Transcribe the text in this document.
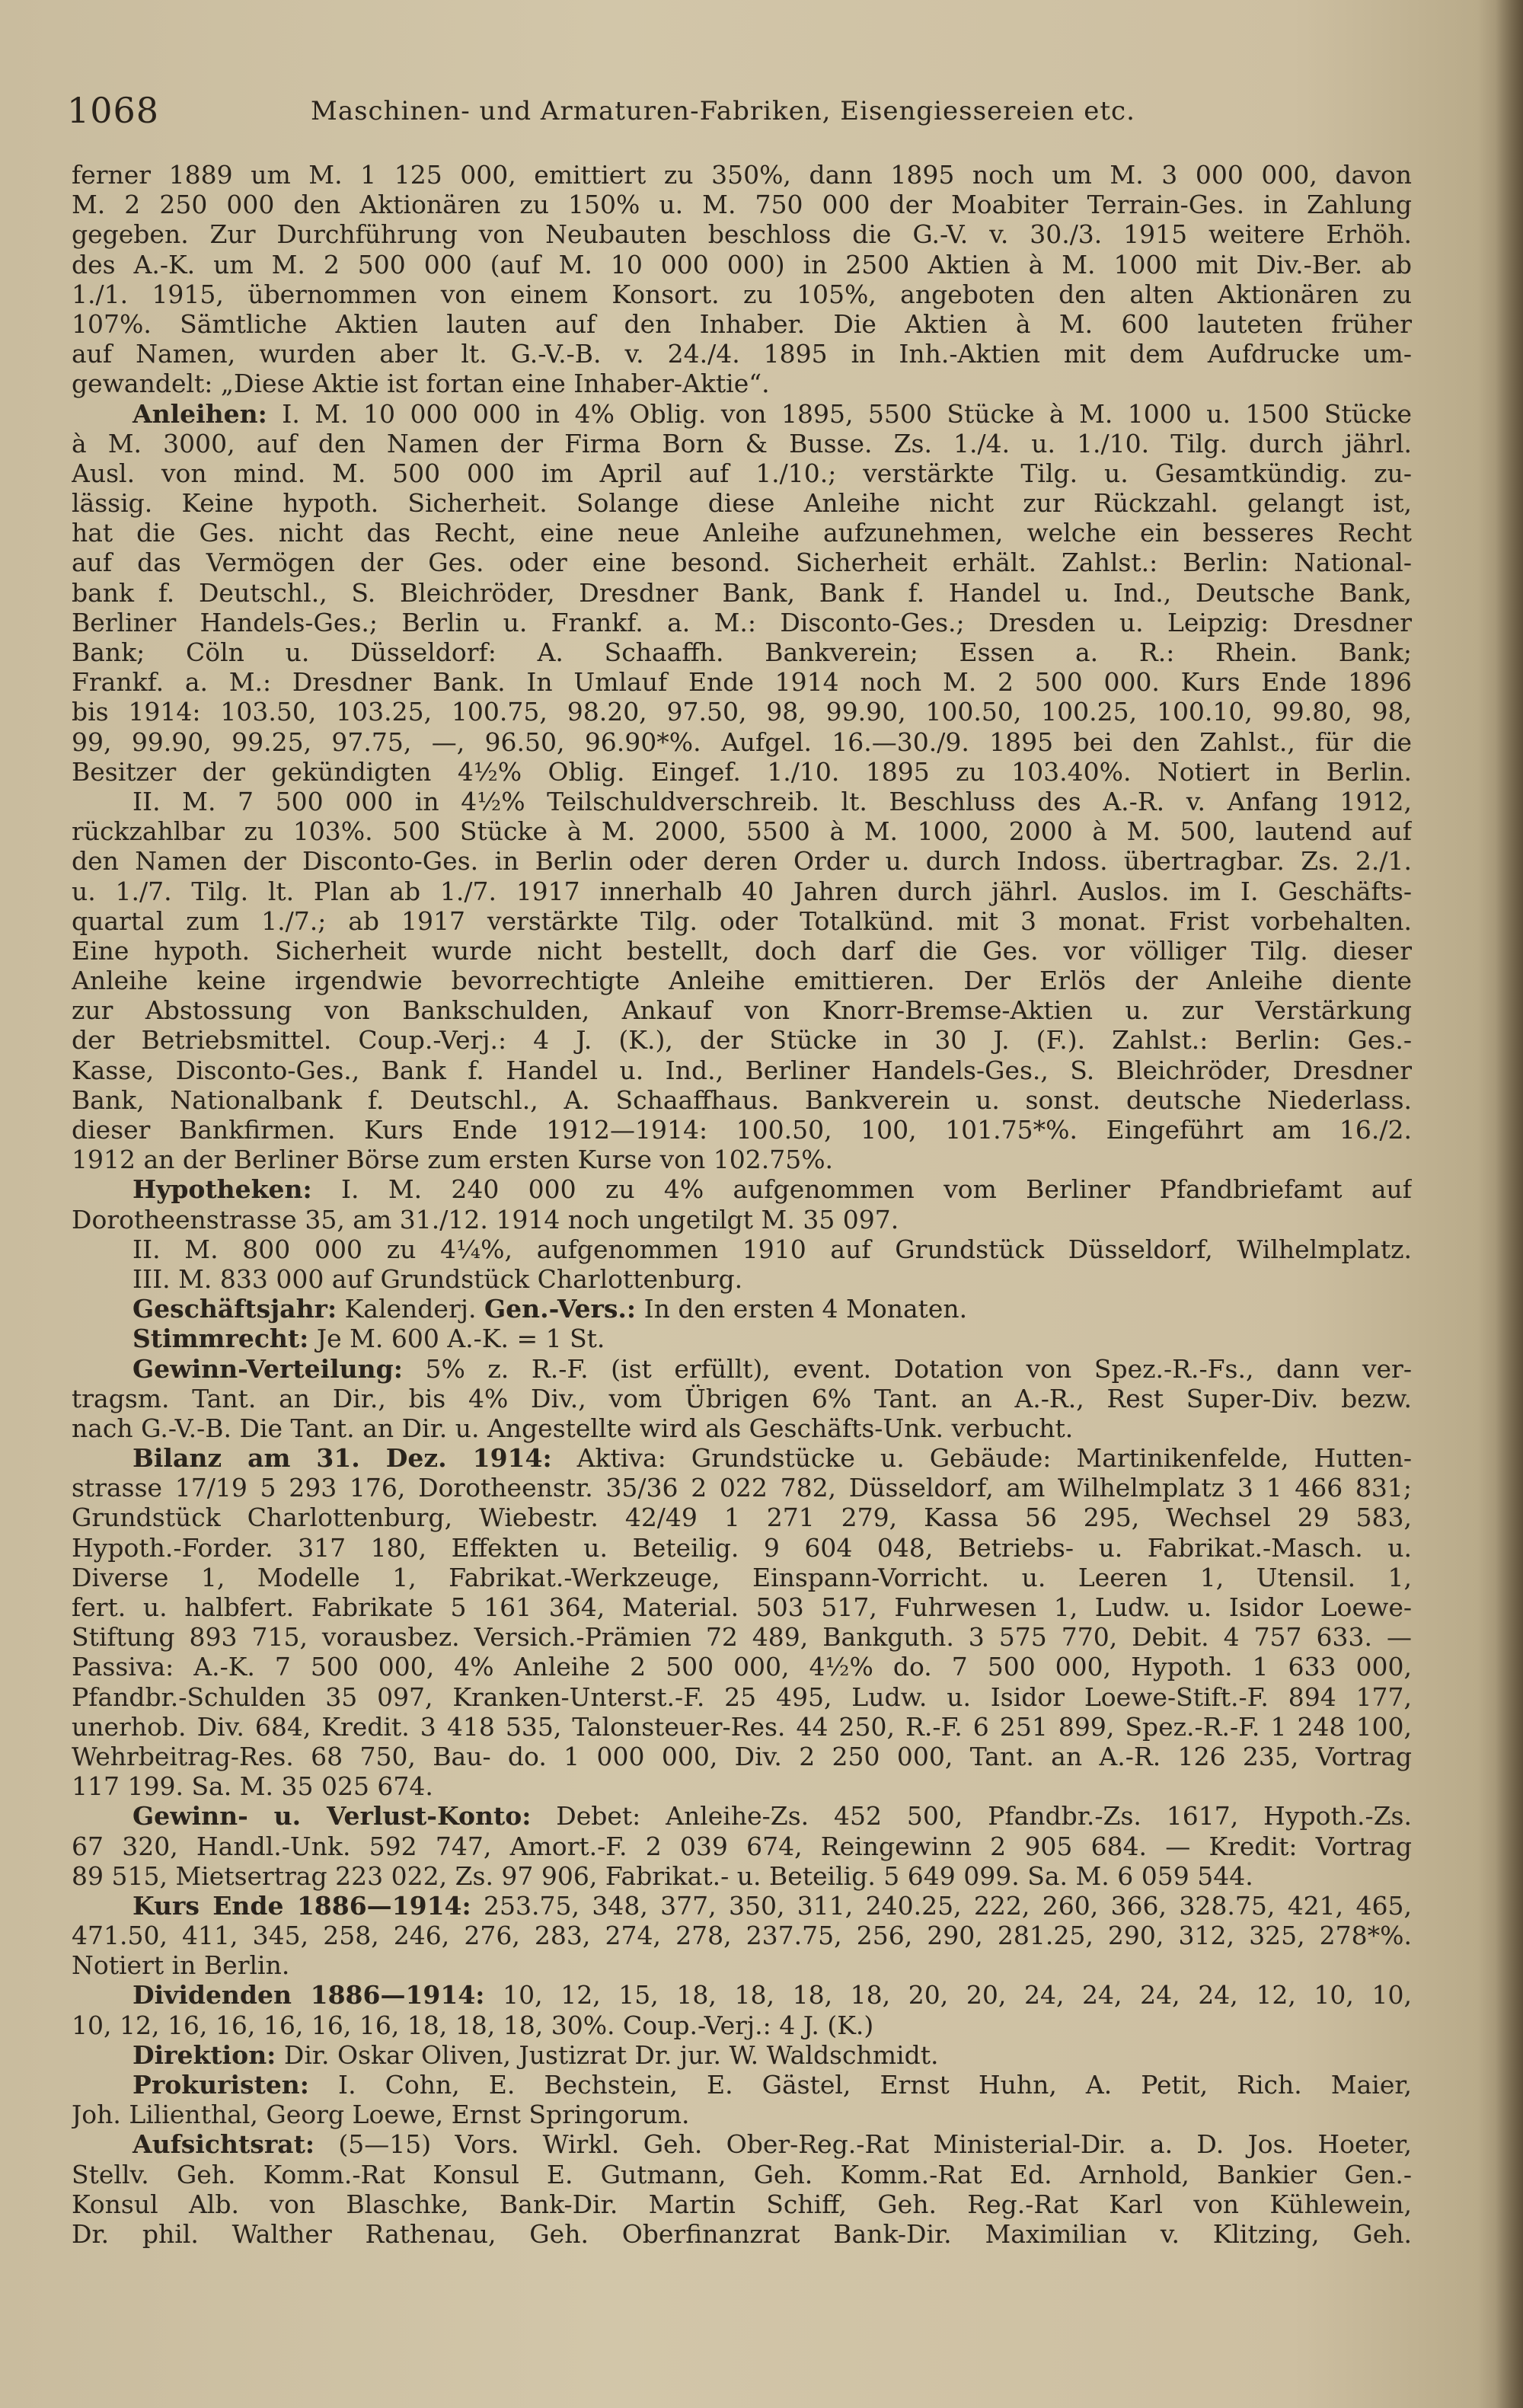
1068	Maschinen- und Armaturen-Fabriken, Eisengiessereien etc.
ferner 1889 um M. 1 125 000, emittiert zu 350%, dann 1895 noch um M. 3 000 000, davon
M. 2 250 000 den Aktionären zu 150% u. M. 750 000 der Moabiter Terrain-Ges. in Zahlung
gegeben. Zur Durchführung von Neubauten beschloss die G.-V. v. 30./3. 1915 weitere Erhöh.
des A.-K. um M. 2 500 000 (auf M. 10 000 000) in 2500 Aktien à M. 1000 mit Div.-Ber. ab
1./1. 1915, übernommen von einem Konsort. zu 105%, angeboten den alten Aktionären zu
107%. Sämtliche Aktien lauten auf den Inhaber. Die Aktien à M. 600 lauteten früher
auf Namen, wurden aber lt. G.-V.-B. v. 24./4. 1895 in Inh.-Aktien mit dem Aufdrucke um-
gewandelt: „Diese Aktie ist fortan eine Inhaber-Aktie“.
Anleihen: I. M. 10 000 000 in 4% Oblig. von 1895, 5500 Stücke à M. 1000 u. 1500 Stücke
à M. 3000, auf den Namen der Firma Born & Busse. Zs. 1./4. u. 1./10. Tilg. durch jährl.
Ausl. von mind. M. 500 000 im April auf 1./10.; verstärkte Tilg. u. Gesamtkündig. zu-
lässig. Keine hypoth. Sicherheit. Solange diese Anleihe nicht zur Rückzahl. gelangt ist,
hat die Ges. nicht das Recht, eine neue Anleihe aufzunehmen, welche ein besseres Recht
auf das Vermögen der Ges. oder eine besond. Sicherheit erhält. Zahlst.: Berlin: National-
bank f. Deutschl., S. Bleichröder, Dresdner Bank, Bank f. Handel u. Ind., Deutsche Bank,
Berliner Handels-Ges.; Berlin u. Frankf. a. M.: Disconto-Ges.; Dresden u. Leipzig: Dresdner
Bank; Cöln u. Düsseldorf: A. Schaaffh. Bankverein; Essen a. R.: Rhein. Bank;
Frankf. a. M.: Dresdner Bank. In Umlauf Ende 1914 noch M. 2 500 000. Kurs Ende 1896
bis 1914: 103.50, 103.25, 100.75, 98.20, 97.50, 98, 99.90, 100.50, 100.25, 100.10, 99.80, 98,
99, 99.90, 99.25, 97.75, —, 96.50, 96.90*%. Aufgel. 16.—30./9. 1895 bei den Zahlst., für die
Besitzer der gekündigten 4½% Oblig. Eingef. 1./10. 1895 zu 103.40%. Notiert in Berlin.
II. M. 7 500 000 in 4½% Teilschuldverschreib. lt. Beschluss des A.-R. v. Anfang 1912,
rückzahlbar zu 103%. 500 Stücke à M. 2000, 5500 à M. 1000, 2000 à M. 500, lautend auf
den Namen der Disconto-Ges. in Berlin oder deren Order u. durch Indoss. übertragbar. Zs. 2./1.
u. 1./7. Tilg. lt. Plan ab 1./7. 1917 innerhalb 40 Jahren durch jährl. Auslos. im I. Geschäfts-
quartal zum 1./7.; ab 1917 verstärkte Tilg. oder Totalkünd. mit 3 monat. Frist vorbehalten.
Eine hypoth. Sicherheit wurde nicht bestellt, doch darf die Ges. vor völliger Tilg. dieser
Anleihe keine irgendwie bevorrechtigte Anleihe emittieren. Der Erlös der Anleihe diente
zur Abstossung von Bankschulden, Ankauf von Knorr-Bremse-Aktien u. zur Verstärkung
der Betriebsmittel. Coup.-Verj.: 4 J. (K.), der Stücke in 30 J. (F.). Zahlst.: Berlin: Ges.-
Kasse, Disconto-Ges., Bank f. Handel u. Ind., Berliner Handels-Ges., S. Bleichröder, Dresdner
Bank, Nationalbank f. Deutschl., A. Schaaffhaus. Bankverein u. sonst. deutsche Niederlass.
dieser Bankfirmen. Kurs Ende 1912—1914: 100.50, 100, 101.75*%. Eingeführt am 16./2.
1912 an der Berliner Börse zum ersten Kurse von 102.75%.
Hypotheken: I. M. 240 000 zu 4% aufgenommen vom Berliner Pfandbriefamt auf
Dorotheenstrasse 35, am 31./12. 1914 noch ungetilgt M. 35 097.
II. M. 800 000 zu 4¼%, aufgenommen 1910 auf Grundstück Düsseldorf, Wilhelmplatz.
III. M. 833 000 auf Grundstück Charlottenburg.
Geschäftsjahr: Kalenderj. Gen.-Vers.: In den ersten 4 Monaten.
Stimmrecht: Je M. 600 A.-K. = 1 St.
Gewinn-Verteilung: 5% z. R.-F. (ist erfüllt), event. Dotation von Spez.-R.-Fs., dann ver-
tragsm. Tant. an Dir., bis 4% Div., vom Übrigen 6% Tant. an A.-R., Rest Super-Div. bezw.
nach G.-V.-B. Die Tant. an Dir. u. Angestellte wird als Geschäfts-Unk. verbucht.
Bilanz am 31. Dez. 1914: Aktiva: Grundstücke u. Gebäude: Martinikenfelde, Hutten-
strasse 17/19 5 293 176, Dorotheenstr. 35/36 2 022 782, Düsseldorf, am Wilhelmplatz 3 1 466 831;
Grundstück Charlottenburg, Wiebestr. 42/49 1 271 279, Kassa 56 295, Wechsel 29 583,
Hypoth.-Forder. 317 180, Effekten u. Beteilig. 9 604 048, Betriebs- u. Fabrikat.-Masch. u.
Diverse 1, Modelle 1, Fabrikat.-Werkzeuge, Einspann-Vorricht. u. Leeren 1, Utensil. 1,
fert. u. halbfert. Fabrikate 5 161 364, Material. 503 517, Fuhrwesen 1, Ludw. u. Isidor Loewe-
Stiftung 893 715, vorausbez. Versich.-Prämien 72 489, Bankguth. 3 575 770, Debit. 4 757 633. —
Passiva: A.-K. 7 500 000, 4% Anleihe 2 500 000, 4½% do. 7 500 000, Hypoth. 1 633 000,
Pfandbr.-Schulden 35 097, Kranken-Unterst.-F. 25 495, Ludw. u. Isidor Loewe-Stift.-F. 894 177,
unerhob. Div. 684, Kredit. 3 418 535, Talonsteuer-Res. 44 250, R.-F. 6 251 899, Spez.-R.-F. 1 248 100,
Wehrbeitrag-Res. 68 750, Bau- do. 1 000 000, Div. 2 250 000, Tant. an A.-R. 126 235, Vortrag
117 199. Sa. M. 35 025 674.
Gewinn- u. Verlust-Konto: Debet: Anleihe-Zs. 452 500, Pfandbr.-Zs. 1617, Hypoth.-Zs.
67 320, Handl.-Unk. 592 747, Amort.-F. 2 039 674, Reingewinn 2 905 684. — Kredit: Vortrag
89 515, Mietsertrag 223 022, Zs. 97 906, Fabrikat.- u. Beteilig. 5 649 099. Sa. M. 6 059 544.
Kurs Ende 1886—1914: 253.75, 348, 377, 350, 311, 240.25, 222, 260, 366, 328.75, 421, 465,
471.50, 411, 345, 258, 246, 276, 283, 274, 278, 237.75, 256, 290, 281.25, 290, 312, 325, 278*%.
Notiert in Berlin.
Dividenden 1886—1914: 10, 12, 15, 18, 18, 18, 18, 20, 20, 24, 24, 24, 24, 12, 10, 10,
10, 12, 16, 16, 16, 16, 16, 18, 18, 18, 30%. Coup.-Verj.: 4 J. (K.)
Direktion: Dir. Oskar Oliven, Justizrat Dr. jur. W. Waldschmidt.
Prokuristen: I. Cohn, E. Bechstein, E. Gästel, Ernst Huhn, A. Petit, Rich. Maier,
Joh. Lilienthal, Georg Loewe, Ernst Springorum.
Aufsichtsrat: (5—15) Vors. Wirkl. Geh. Ober-Reg.-Rat Ministerial-Dir. a. D. Jos. Hoeter,
Stellv. Geh. Komm.-Rat Konsul E. Gutmann, Geh. Komm.-Rat Ed. Arnhold, Bankier Gen.-
Konsul Alb. von Blaschke, Bank-Dir. Martin Schiff, Geh. Reg.-Rat Karl von Kühlewein,
Dr. phil. Walther Rathenau, Geh. Oberfinanzrat Bank-Dir. Maximilian v. Klitzing, Geh.
